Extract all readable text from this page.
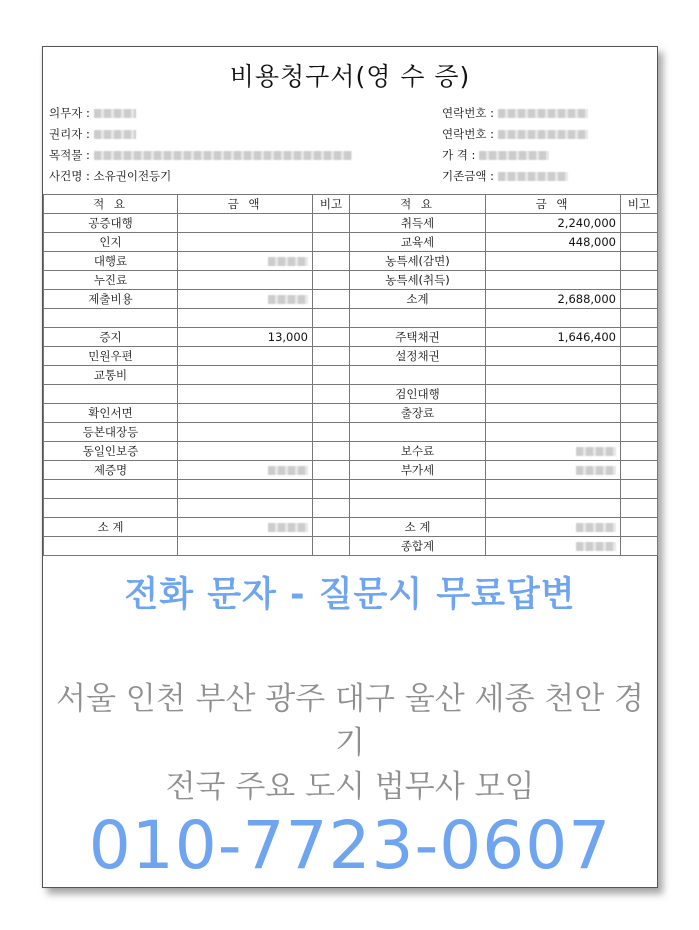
비용청구서(영 수 증)
의무자 :
권리자 :
목적물 :
사건명 : 소유권이전등기
연락번호 :
연락번호 :
가 격 :
기존금액 :
적 요	금 액	비고	적 요	금 액	비고
공증대행			취득세	2,240,000	
인지			교육세	448,000	
대행료			농특세(감면)		
누진료			농특세(취득)		
제출비용			소계	2,688,000	

증지	13,000		주택채권	1,646,400	
민원우편			설정채권		
교통비					
			검인대행		
확인서면			출장료		
등본대장등					
동일인보증			보수료		
제증명			부가세		

소 계			소 계		
			종합계		
전화 문자 - 질문시 무료답변
서울 인천 부산 광주 대구 울산 세종 천안 경기
전국 주요 도시 법무사 모임
010-7723-0607
